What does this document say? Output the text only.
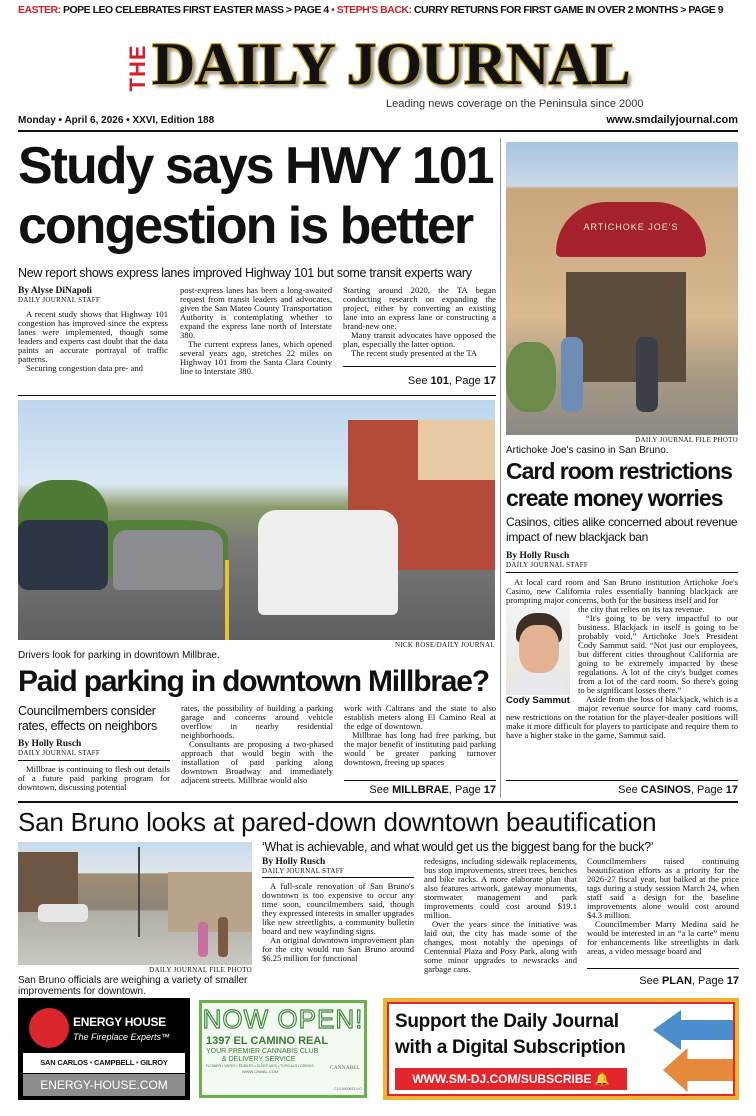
EASTER: POPE LEO CELEBRATES FIRST EASTER MASS > PAGE 4 • STEPH'S BACK: CURRY RETURNS FOR FIRST GAME IN OVER 2 MONTHS > PAGE 9
THE DAILY JOURNAL
Leading news coverage on the Peninsula since 2000
Monday • April 6, 2026 • XXVI, Edition 188	www.smdailyjournal.com
Study says HWY 101
congestion is better
New report shows express lanes improved Highway 101 but some transit experts wary
By Alyse DiNapoli
DAILY JOURNAL STAFF

A recent study shows that Highway 101 congestion has improved since the express lanes were implemented, though some leaders and experts cast doubt that the data paints an accurate portrayal of traffic patterns.

Securing congestion data pre- and

post-express lanes has been a long-awaited request from transit leaders and advocates, given the San Mateo County Transportation Authority is contemplating whether to expand the express lane north of Interstate 380.

The current express lanes, which opened several years ago, stretches 22 miles on Highway 101 from the Santa Clara County line to Interstate 380.

Starting around 2020, the TA began conducting research on expanding the project, either by converting an existing lane into an express lane or constructing a brand-new one.

Many transit advocates have opposed the plan, especially the latter option.

The recent study presented at the TA

See 101, Page 17
NICK ROSE/DAILY JOURNAL
Drivers look for parking in downtown Millbrae.
Paid parking in downtown Millbrae?
Councilmembers consider rates, effects on neighbors
By Holly Rusch
DAILY JOURNAL STAFF

Millbrae is continuing to flesh out details of a future paid parking program for downtown, discussing potential

rates, the possibility of building a parking garage and concerns around vehicle overflow in nearby residential neighborhoods.

Consultants are proposing a two-phased approach that would begin with the installation of paid parking along downtown Broadway and immediately adjacent streets. Millbrae would also

work with Caltrans and the state to also establish meters along El Camino Real at the edge of downtown.

Millbrae has long had free parking, but the major benefit of instituting paid parking would be greater parking turnover downtown, freeing up spaces

See MILLBRAE, Page 17
ARTICHOKE JOE'S
DAILY JOURNAL FILE PHOTO
Artichoke Joe's casino in San Bruno.
Card room restrictions
create money worries
Casinos, cities alike concerned about revenue impact of new blackjack ban
By Holly Rusch
DAILY JOURNAL STAFF

At local card room and San Bruno institution Artichoke Joe's Casino, new California rules essentially banning blackjack are prompting major concerns, both for the business itself and for

Cody Sammut

the city that relies on its tax revenue.

“It's going to be very impactful to our business. Blackjack in itself is going to be probably void,” Artichoke Joe's President Cody Sammut said. “Not just our employees, but different cities throughout California are going to be extremely impacted by these regulations. A lot of the city's budget comes from a lot of the card room. So there's going to be significant losses there.”

Aside from the loss of blackjack, which is a major revenue source for many card rooms, new restrictions on the rotation for the player-dealer positions will make it more difficult for players to participate and require them to have a higher stake in the game, Sammut said.

See CASINOS, Page 17
San Bruno looks at pared-down downtown beautification
DAILY JOURNAL FILE PHOTO
San Bruno officials are weighing a variety of smaller improvements for downtown.
‘What is achievable, and what would get us the biggest bang for the buck?’
By Holly Rusch
DAILY JOURNAL STAFF

A full-scale renovation of San Bruno's downtown is too expensive to occur any time soon, councilmembers said, though they expressed interests in smaller upgrades like new streetlights, a community bulletin board and new wayfinding signs.

An original downtown improvement plan for the city would run San Bruno around $6.25 million for functional

redesigns, including sidewalk replacements, bus stop improvements, street trees, benches and bike racks. A more elaborate plan that also features artwork, gateway monuments, stormwater management and park improvements could cost around $19.1 million.

Over the years since the initiative was laid out, the city has made some of the changes, most notably the openings of Centennial Plaza and Posy Park, along with some minor upgrades to newsracks and garbage cans.

Councilmembers raised continuing beautification efforts as a priority for the 2026-27 fiscal year, but balked at the price tags during a study session March 24, when staff said a design for the baseline improvements alone would cost around $4.3 million.

Councilmember Marty Medina said he would be interested in an “a la carte” menu for enhancements like streetlights in dark areas, a video message board and

See PLAN, Page 17
ENERGY HOUSE
The Fireplace Experts™
SAN CARLOS • CAMPBELL • GILROY
ENERGY-HOUSE.COM
NOW OPEN!
1397 EL CAMINO REAL
YOUR PREMIER CANNABIS CLUB
& DELIVERY SERVICE
FLOWER • VAPES • EDIBLES • SLEEP AIDS • TOPICALS • DRINKS
WWW.CNNBL.COM
CANNABEL
C10-0000813-LIC
Support the Daily Journal
with a Digital Subscription
WWW.SM-DJ.COM/SUBSCRIBE 🔔
